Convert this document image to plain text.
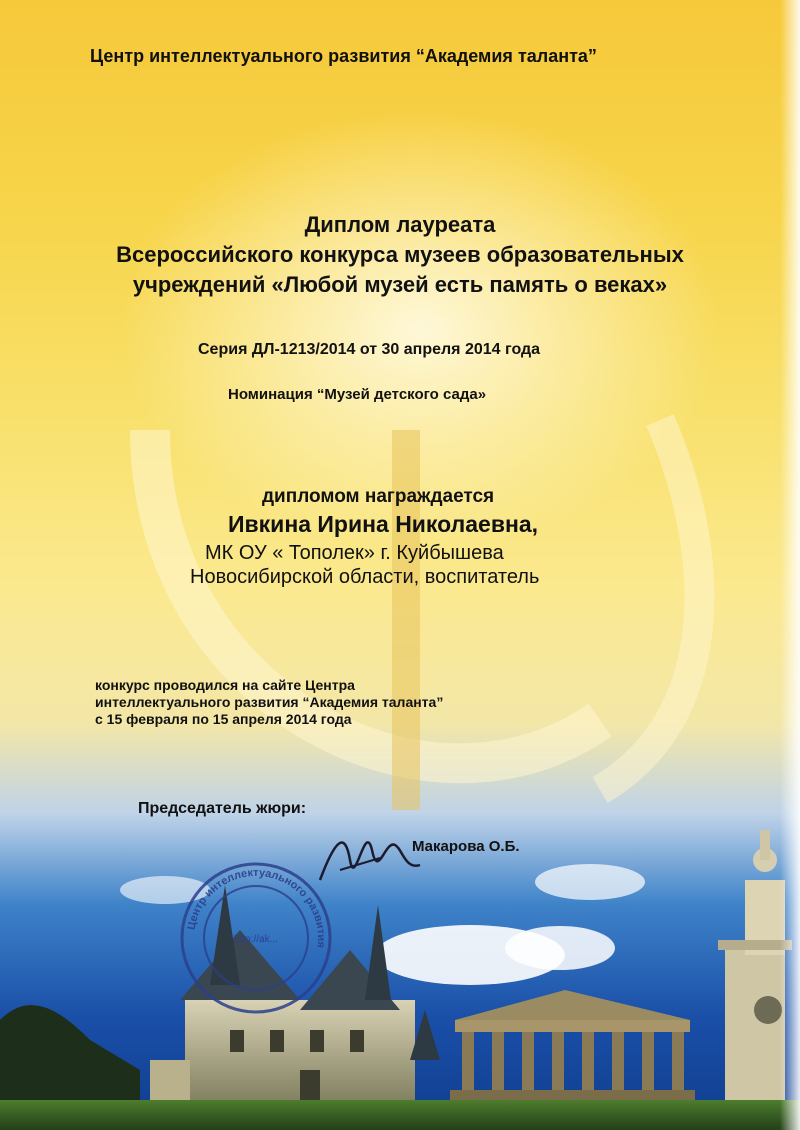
Центр интеллектуального развития “Академия таланта”
Диплом лауреата
Всероссийского конкурса музеев образовательных
учреждений «Любой музей есть память о веках»
Серия ДЛ-1213/2014 от 30 апреля 2014 года
Номинация “Музей детского сада»
дипломом награждается
Ивкина Ирина Николаевна,
МК ОУ « Тополек» г. Куйбышева
Новосибирской области, воспитатель
конкурс проводился на сайте Центра
интеллектуального развития “Академия таланта”
с 15 февраля по 15 апреля 2014 года
Председатель жюри:
Макарова О.Б.
Центр интеллектуального развития
http://ak...
